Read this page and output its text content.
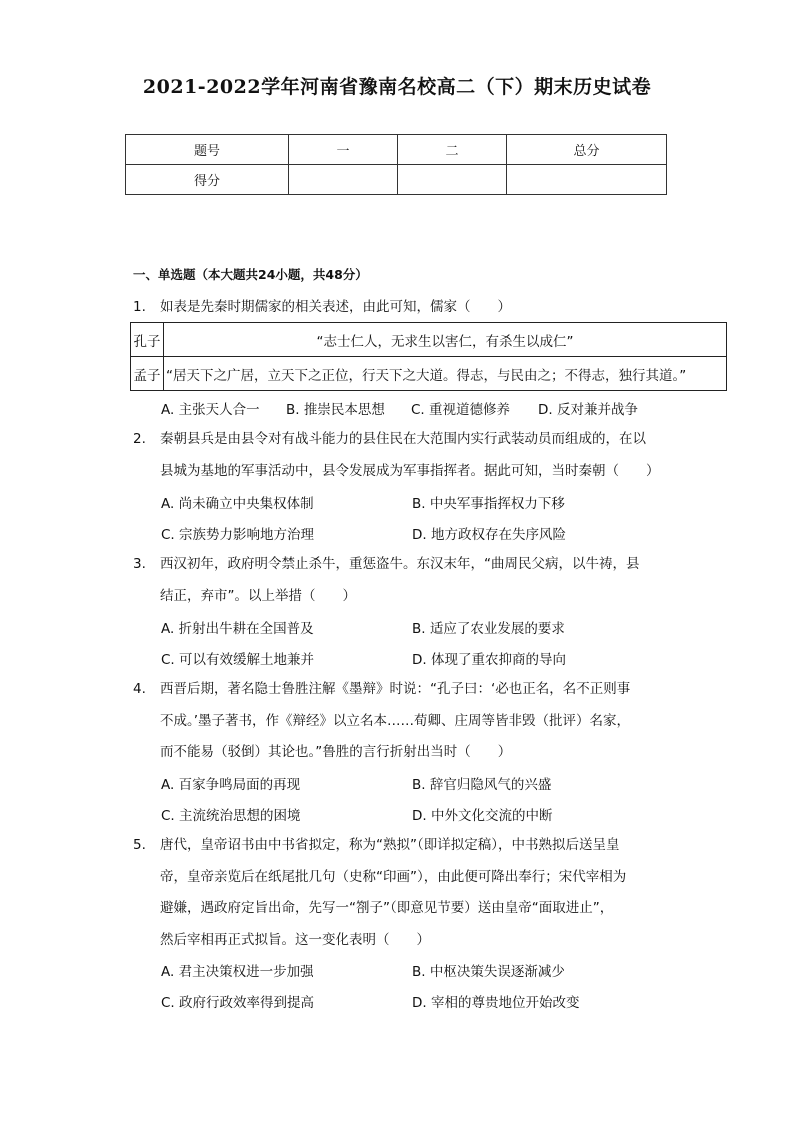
2021-2022学年河南省豫南名校高二（下）期末历史试卷
题号	一	二	总分
得分			
一、单选题（本大题共24小题，共48分）
1. 如表是先秦时期儒家的相关表述，由此可知，儒家（　　）
孔子	“志士仁人，无求生以害仁，有杀生以成仁”
孟子	“居天下之广居，立天下之正位，行天下之大道。得志，与民由之；不得志，独行其道。”
A. 主张天人合一 B. 推崇民本思想 C. 重视道德修养 D. 反对兼并战争
2. 秦朝县兵是由县令对有战斗能力的县住民在大范围内实行武装动员而组成的，在以
县城为基地的军事活动中，县令发展成为军事指挥者。据此可知，当时秦朝（　　）
A. 尚未确立中央集权体制	B. 中央军事指挥权力下移
C. 宗族势力影响地方治理	D. 地方政权存在失序风险
3. 西汉初年，政府明令禁止杀牛，重惩盗牛。东汉末年，“曲周民父病，以牛祷，县
结正，弃市”。以上举措（　　）
A. 折射出牛耕在全国普及	B. 适应了农业发展的要求
C. 可以有效缓解土地兼并	D. 体现了重农抑商的导向
4. 西晋后期，著名隐士鲁胜注解《墨辩》时说：“孔子曰：‘必也正名，名不正则事
不成。’墨子著书，作《辩经》以立名本……荀卿、庄周等皆非毁（批评）名家，
而不能易（驳倒）其论也。”鲁胜的言行折射出当时（　　）
A. 百家争鸣局面的再现	B. 辞官归隐风气的兴盛
C. 主流统治思想的困境	D. 中外文化交流的中断
5. 唐代，皇帝诏书由中书省拟定，称为“熟拟”（即详拟定稿），中书熟拟后送呈皇
帝，皇帝亲览后在纸尾批几句（史称“印画”），由此便可降出奉行；宋代宰相为
避嫌，遇政府定旨出命，先写一“劄子”（即意见节要）送由皇帝“面取进止”，
然后宰相再正式拟旨。这一变化表明（　　）
A. 君主决策权进一步加强	B. 中枢决策失误逐渐减少
C. 政府行政效率得到提高	D. 宰相的尊贵地位开始改变
